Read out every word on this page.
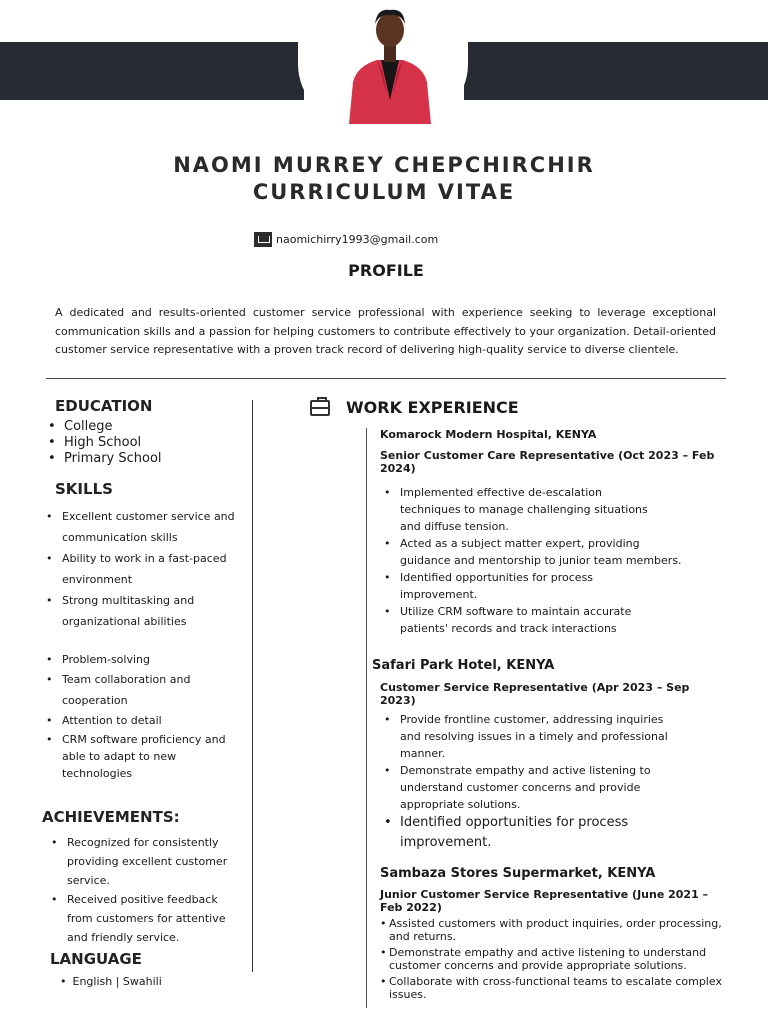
NAOMI MURREY CHEPCHIRCHIR
CURRICULUM VITAE
naomichirry1993@gmail.com
PROFILE
A dedicated and results-oriented customer service professional with experience seeking to leverage exceptional communication skills and a passion for helping customers to contribute effectively to your organization. Detail-oriented customer service representative with a proven track record of delivering high-quality service to diverse clientele.
EDUCATION
• College
• High School
• Primary School
SKILLS
• Excellent customer service and communication skills
• Ability to work in a fast-paced environment
• Strong multitasking and organizational abilities
• Problem-solving
• Team collaboration and cooperation
• Attention to detail
• CRM software proficiency and able to adapt to new technologies
ACHIEVEMENTS:
• Recognized for consistently providing excellent customer service.
• Received positive feedback from customers for attentive and friendly service.
LANGUAGE
• English | Swahili
WORK EXPERIENCE
Komarock Modern Hospital, KENYA
Senior Customer Care Representative (Oct 2023 – Feb 2024)
• Implemented effective de-escalation techniques to manage challenging situations and diffuse tension.
• Acted as a subject matter expert, providing guidance and mentorship to junior team members.
• Identified opportunities for process improvement.
• Utilize CRM software to maintain accurate patients' records and track interactions
Safari Park Hotel, KENYA
Customer Service Representative (Apr 2023 – Sep 2023)
• Provide frontline customer, addressing inquiries and resolving issues in a timely and professional manner.
• Demonstrate empathy and active listening to understand customer concerns and provide appropriate solutions.
• Identified opportunities for process improvement.
Sambaza Stores Supermarket, KENYA
Junior Customer Service Representative (June 2021 – Feb 2022)
• Assisted customers with product inquiries, order processing, and returns.
• Demonstrate empathy and active listening to understand customer concerns and provide appropriate solutions.
• Collaborate with cross-functional teams to escalate complex issues.
